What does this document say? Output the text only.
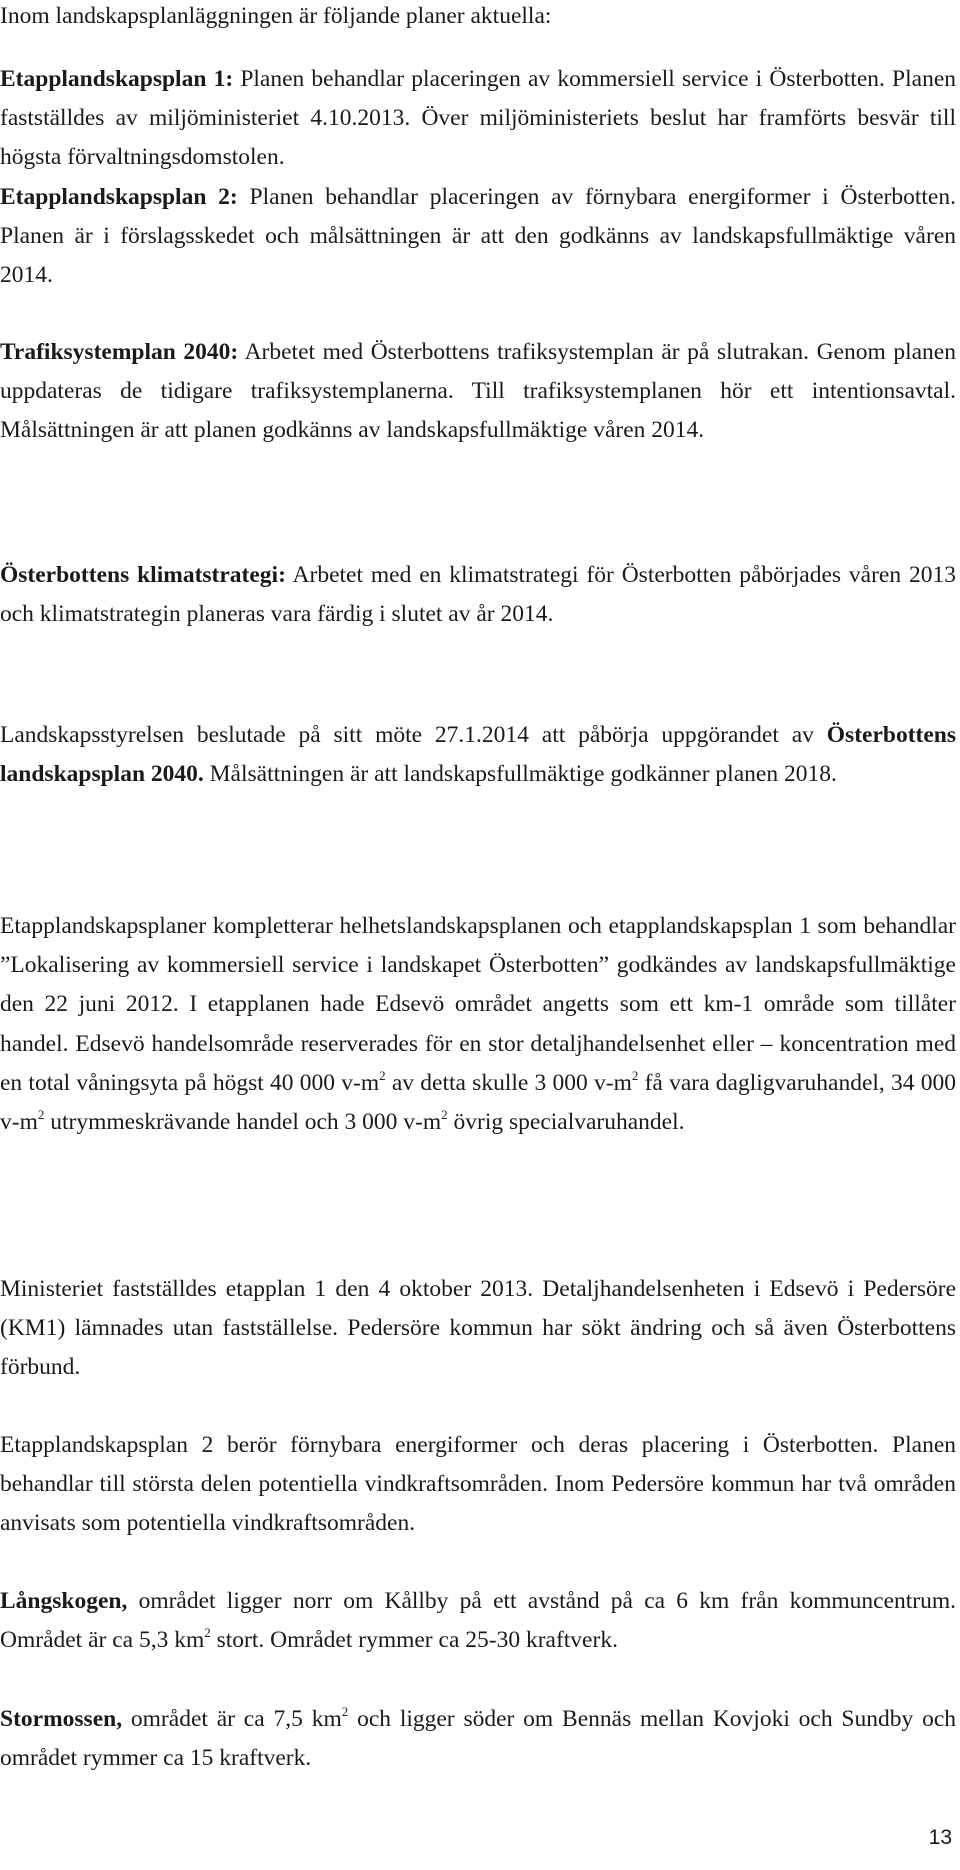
Inom landskapsplanläggningen är följande planer aktuella:

Etapplandskapsplan 1: Planen behandlar placeringen av kommersiell service i Österbotten. Planen fastställdes av miljöministeriet 4.10.2013. Över miljöministeriets beslut har framförts besvär till högsta förvaltningsdomstolen.

Etapplandskapsplan 2: Planen behandlar placeringen av förnybara energiformer i Österbotten. Planen är i förslagsskedet och målsättningen är att den godkänns av landskapsfullmäktige våren 2014.

Trafiksystemplan 2040: Arbetet med Österbottens trafiksystemplan är på slutrakan. Genom planen uppdateras de tidigare trafiksystemplanerna. Till trafiksystemplanen hör ett intentionsavtal. Målsättningen är att planen godkänns av landskapsfullmäktige våren 2014.

Österbottens klimatstrategi: Arbetet med en klimatstrategi för Österbotten påbörjades våren 2013 och klimatstrategin planeras vara färdig i slutet av år 2014.

Landskapsstyrelsen beslutade på sitt möte 27.1.2014 att påbörja uppgörandet av Österbottens landskapsplan 2040. Målsättningen är att landskapsfullmäktige godkänner planen 2018.

Etapplandskapsplaner kompletterar helhetslandskapsplanen och etapplandskapsplan 1 som behandlar ”Lokalisering av kommersiell service i landskapet Österbotten” godkändes av landskapsfullmäktige den 22 juni 2012. I etapplanen hade Edsevö området angetts som ett km-1 område som tillåter handel. Edsevö handelsområde reserverades för en stor detaljhandelsenhet eller – koncentration med en total våningsyta på högst 40 000 $v-m^2$ av detta skulle 3 000 $v-m^2$ få vara dagligvaruhandel, 34 000 $v-m^2$ utrymmeskrävande handel och 3 000 $v-m^2$ övrig specialvaruhandel.

Ministeriet fastställdes etapplan 1 den 4 oktober 2013. Detaljhandelsenheten i Edsevö i Pedersöre (KM1) lämnades utan fastställelse. Pedersöre kommun har sökt ändring och så även Österbottens förbund.

Etapplandskapsplan 2 berör förnybara energiformer och deras placering i Österbotten. Planen behandlar till största delen potentiella vindkraftsområden. Inom Pedersöre kommun har två områden anvisats som potentiella vindkraftsområden.

Långskogen, området ligger norr om Kållby på ett avstånd på ca 6 km från kommuncentrum. Området är ca 5,3 $km^2$ stort. Området rymmer ca 25-30 kraftverk.

Stormossen, området är ca 7,5 $km^2$ och ligger söder om Bennäs mellan Kovjoki och Sundby och området rymmer ca 15 kraftverk.

13
